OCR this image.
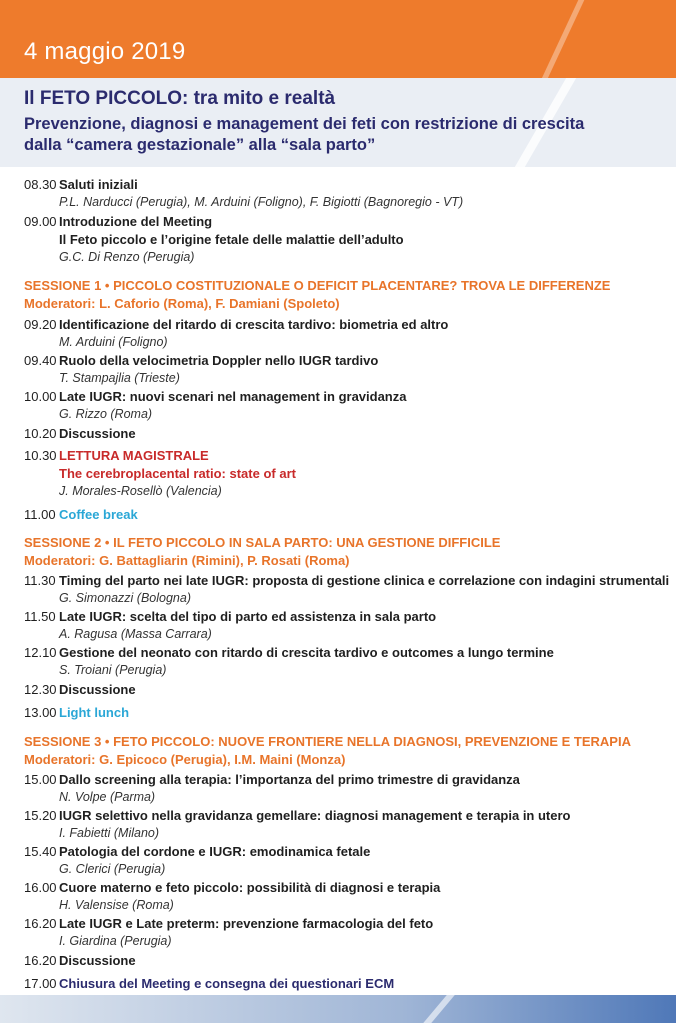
4 maggio 2019
Il FETO PICCOLO: tra mito e realtà
Prevenzione, diagnosi e management dei feti con restrizione di crescita
dalla “camera gestazionale” alla “sala parto”
08.30 Saluti iniziali
P.L. Narducci (Perugia), M. Arduini (Foligno), F. Bigiotti (Bagnoregio - VT)
09.00 Introduzione del Meeting
Il Feto piccolo e l’origine fetale delle malattie dell’adulto
G.C. Di Renzo (Perugia)
SESSIONE 1 • PICCOLO COSTITUZIONALE O DEFICIT PLACENTARE? TROVA LE DIFFERENZE
Moderatori: L. Caforio (Roma), F. Damiani (Spoleto)
09.20 Identificazione del ritardo di crescita tardivo: biometria ed altro
M. Arduini (Foligno)
09.40 Ruolo della velocimetria Doppler nello IUGR tardivo
T. Stampajlia (Trieste)
10.00 Late IUGR: nuovi scenari nel management in gravidanza
G. Rizzo (Roma)
10.20 Discussione
10.30 LETTURA MAGISTRALE
The cerebroplacental ratio: state of art
J. Morales-Rosellò (Valencia)
11.00 Coffee break
SESSIONE 2 • IL FETO PICCOLO IN SALA PARTO: UNA GESTIONE DIFFICILE
Moderatori: G. Battagliarin (Rimini), P. Rosati (Roma)
11.30 Timing del parto nei late IUGR: proposta di gestione clinica e correlazione con indagini strumentali
G. Simonazzi (Bologna)
11.50 Late IUGR: scelta del tipo di parto ed assistenza in sala parto
A. Ragusa (Massa Carrara)
12.10 Gestione del neonato con ritardo di crescita tardivo e outcomes a lungo termine
S. Troiani (Perugia)
12.30 Discussione
13.00 Light lunch
SESSIONE 3 • FETO PICCOLO: NUOVE FRONTIERE NELLA DIAGNOSI, PREVENZIONE E TERAPIA
Moderatori: G. Epicoco (Perugia), I.M. Maini (Monza)
15.00 Dallo screening alla terapia: l’importanza del primo trimestre di gravidanza
N. Volpe (Parma)
15.20 IUGR selettivo nella gravidanza gemellare: diagnosi management e terapia in utero
I. Fabietti (Milano)
15.40 Patologia del cordone e IUGR: emodinamica fetale
G. Clerici (Perugia)
16.00 Cuore materno e feto piccolo: possibilità di diagnosi e terapia
H. Valensise (Roma)
16.20 Late IUGR e Late preterm: prevenzione farmacologia del feto
I. Giardina (Perugia)
16.20 Discussione
17.00 Chiusura del Meeting e consegna dei questionari ECM
